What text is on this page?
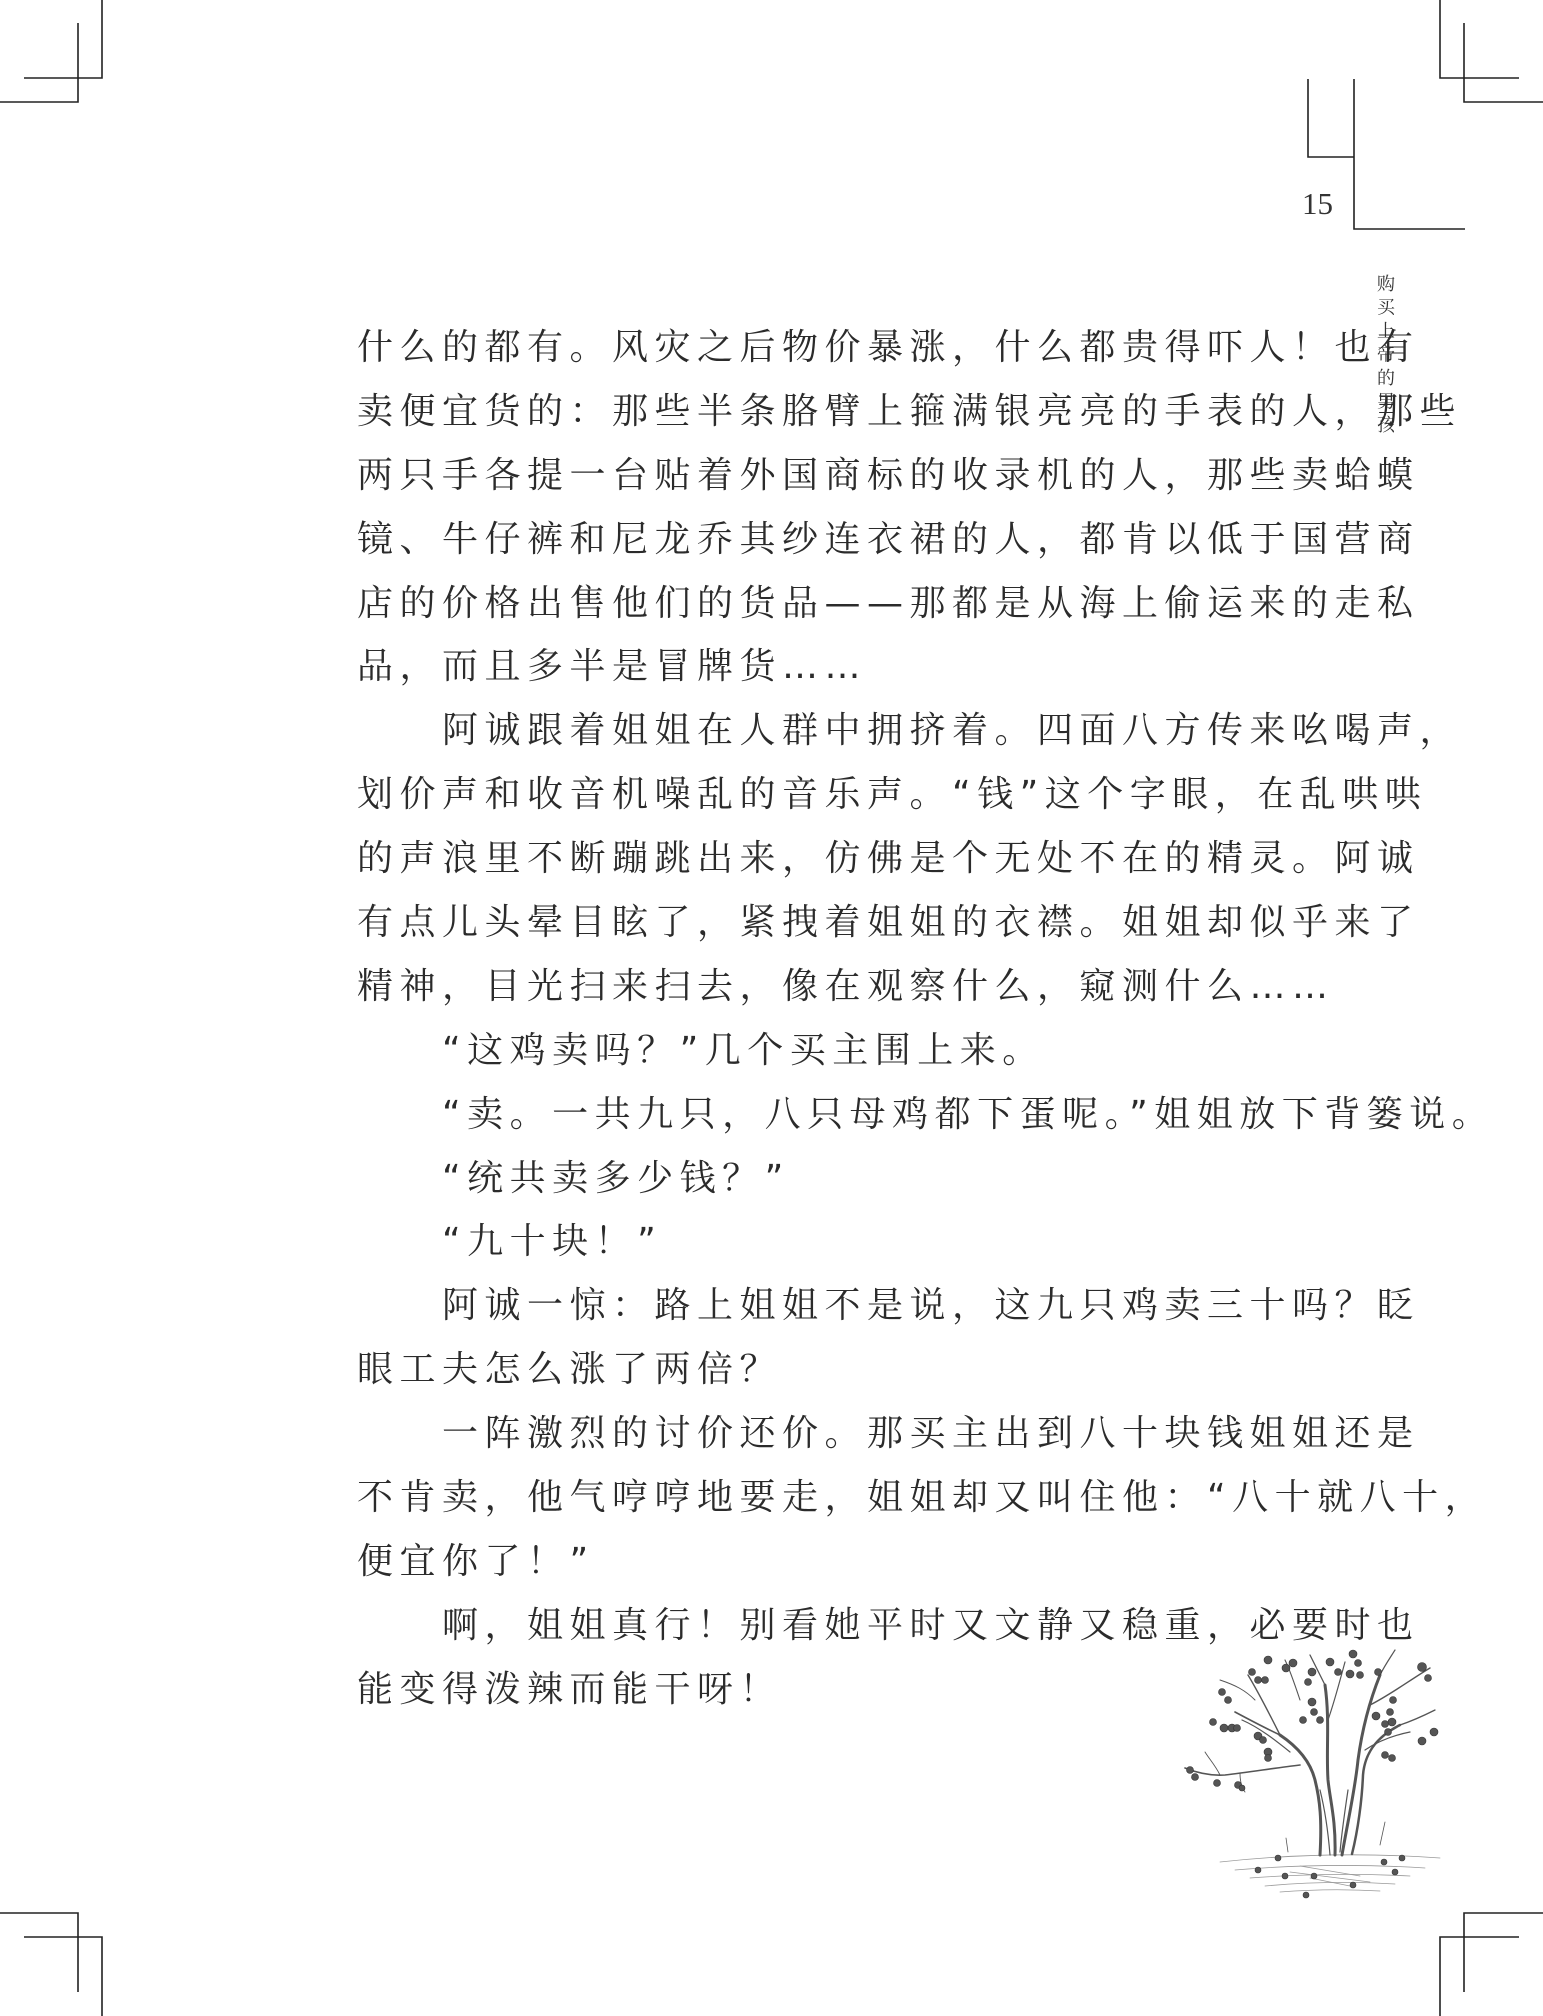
15
购买上帝的男孩
什么的都有。风灾之后物价暴涨，什么都贵得吓人！也有
卖便宜货的：那些半条胳臂上箍满银亮亮的手表的人，那些
两只手各提一台贴着外国商标的收录机的人，那些卖蛤蟆
镜、牛仔裤和尼龙乔其纱连衣裙的人，都肯以低于国营商
店的价格出售他们的货品——那都是从海上偷运来的走私
品，而且多半是冒牌货……
阿诚跟着姐姐在人群中拥挤着。四面八方传来吆喝声，
划价声和收音机噪乱的音乐声。“钱”这个字眼，在乱哄哄
的声浪里不断蹦跳出来，仿佛是个无处不在的精灵。阿诚
有点儿头晕目眩了，紧拽着姐姐的衣襟。姐姐却似乎来了
精神，目光扫来扫去，像在观察什么，窥测什么……
“这鸡卖吗？”几个买主围上来。
“卖。一共九只，八只母鸡都下蛋呢。”姐姐放下背篓说。
“统共卖多少钱？”
“九十块！”
阿诚一惊：路上姐姐不是说，这九只鸡卖三十吗？眨
眼工夫怎么涨了两倍？
一阵激烈的讨价还价。那买主出到八十块钱姐姐还是
不肯卖，他气哼哼地要走，姐姐却又叫住他：“八十就八十，
便宜你了！”
啊，姐姐真行！别看她平时又文静又稳重，必要时也
能变得泼辣而能干呀！
